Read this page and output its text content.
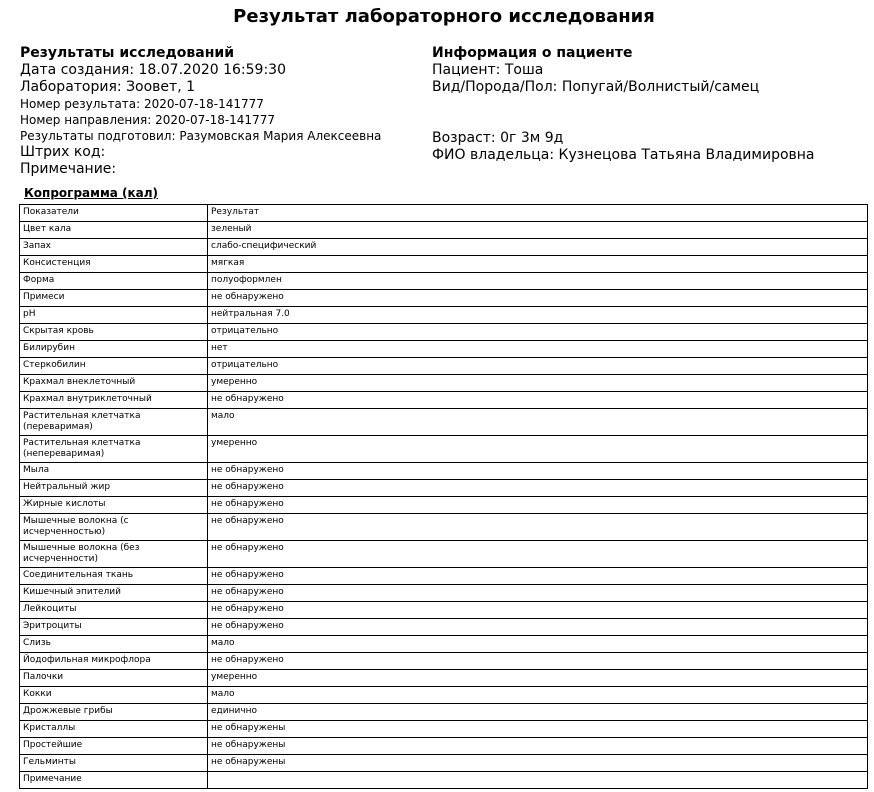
Результат лабораторного исследования
Результаты исследований
Дата создания: 18.07.2020 16:59:30
Лаборатория: Зоовет, 1
Номер результата: 2020-07-18-141777
Номер направления: 2020-07-18-141777
Результаты подготовил: Разумовская Мария Алексеевна
Штрих код:
Примечание:
Информация о пациенте
Пациент: Тоша
Вид/Порода/Пол: Попугай/Волнистый/самец
Возраст: 0г 3м 9д
ФИО владельца: Кузнецова Татьяна Владимировна
Копрограмма (кал)
Показатели	Результат
Цвет кала	зеленый
Запах	слабо-специфический
Консистенция	мягкая
Форма	полуоформлен
Примеси	не обнаружено
pH	нейтральная 7.0
Скрытая кровь	отрицательно
Билирубин	нет
Стеркобилин	отрицательно
Крахмал внеклеточный	умеренно
Крахмал внутриклеточный	не обнаружено
Растительная клетчатка (переваримая)	мало
Растительная клетчатка (непереваримая)	умеренно
Мыла	не обнаружено
Нейтральный жир	не обнаружено
Жирные кислоты	не обнаружено
Мышечные волокна (с исчерченностью)	не обнаружено
Мышечные волокна (без исчерченности)	не обнаружено
Соединительная ткань	не обнаружено
Кишечный эпителий	не обнаружено
Лейкоциты	не обнаружено
Эритроциты	не обнаружено
Слизь	мало
Йодофильная микрофлора	не обнаружено
Палочки	умеренно
Кокки	мало
Дрожжевые грибы	единично
Кристаллы	не обнаружены
Простейшие	не обнаружены
Гельминты	не обнаружены
Примечание	
